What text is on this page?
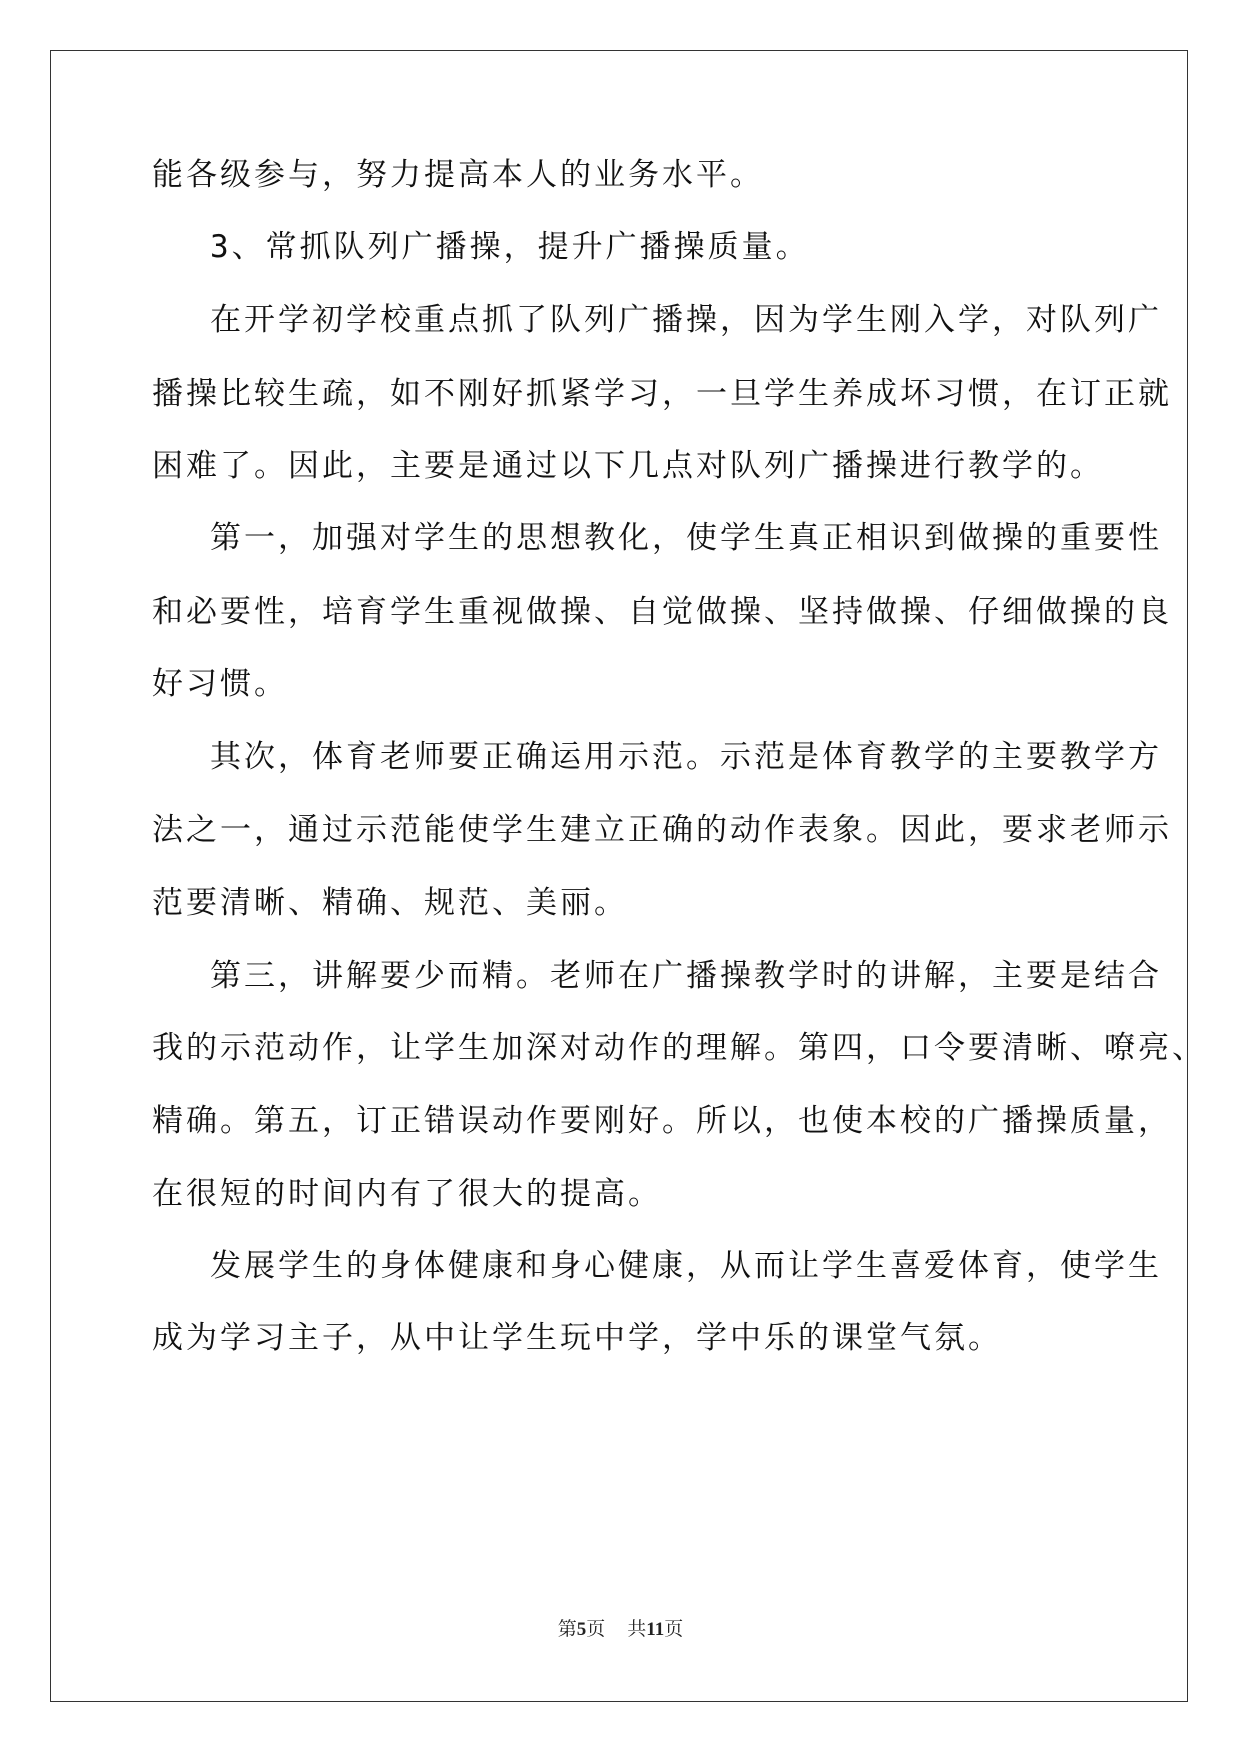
能各级参与，努力提高本人的业务水平。
3、常抓队列广播操，提升广播操质量。
在开学初学校重点抓了队列广播操，因为学生刚入学，对队列广
播操比较生疏，如不刚好抓紧学习，一旦学生养成坏习惯，在订正就
困难了。因此，主要是通过以下几点对队列广播操进行教学的。
第一，加强对学生的思想教化，使学生真正相识到做操的重要性
和必要性，培育学生重视做操、自觉做操、坚持做操、仔细做操的良
好习惯。
其次，体育老师要正确运用示范。示范是体育教学的主要教学方
法之一，通过示范能使学生建立正确的动作表象。因此，要求老师示
范要清晰、精确、规范、美丽。
第三，讲解要少而精。老师在广播操教学时的讲解，主要是结合
我的示范动作，让学生加深对动作的理解。第四，口令要清晰、嘹亮、
精确。第五，订正错误动作要刚好。所以，也使本校的广播操质量，
在很短的时间内有了很大的提高。
发展学生的身体健康和身心健康，从而让学生喜爱体育，使学生
成为学习主子，从中让学生玩中学，学中乐的课堂气氛。
第5页 共11页
